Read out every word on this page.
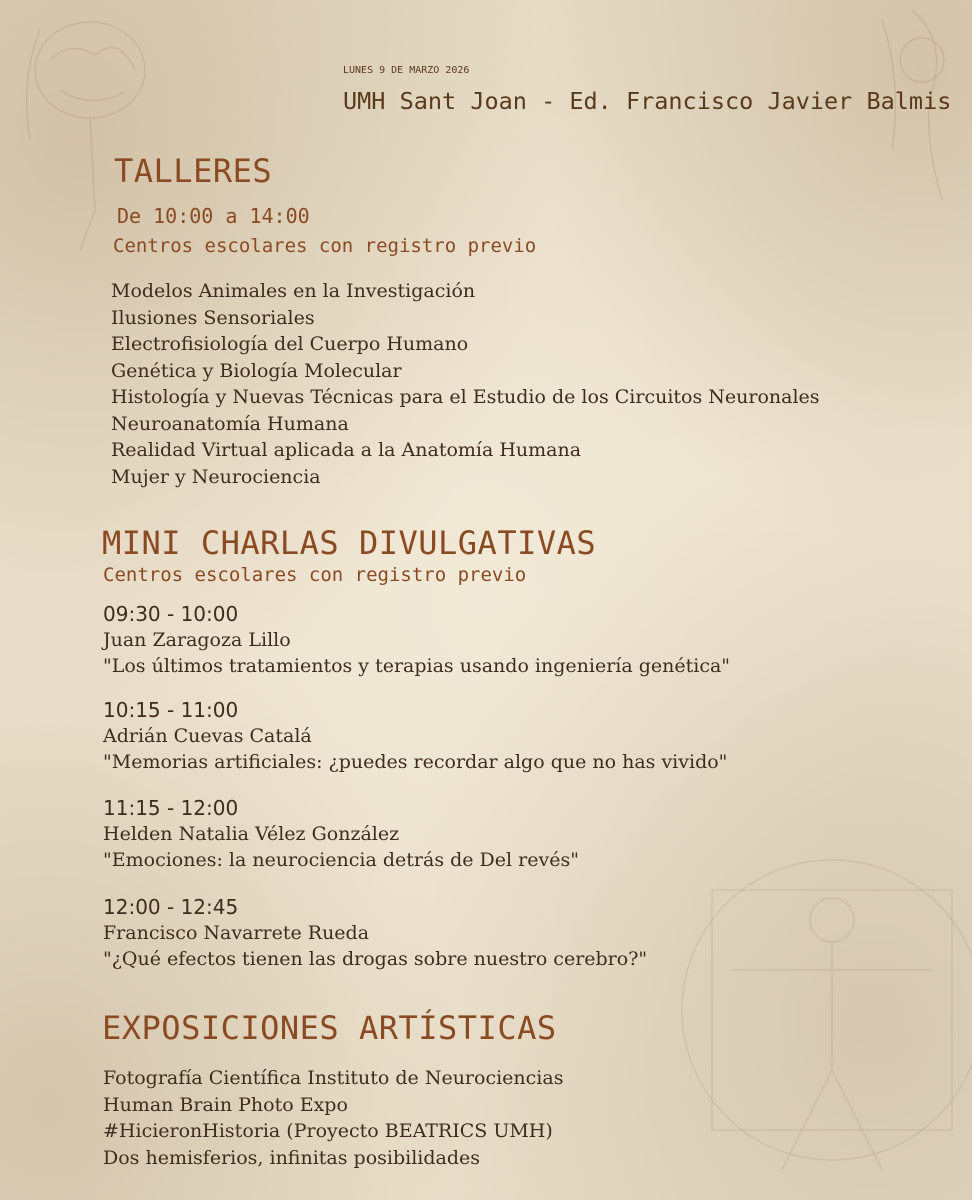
LUNES 9 DE MARZO 2026
UMH Sant Joan - Ed. Francisco Javier Balmis
TALLERES
De 10:00 a 14:00
Centros escolares con registro previo
Modelos Animales en la Investigación
Ilusiones Sensoriales
Electrofisiología del Cuerpo Humano
Genética y Biología Molecular
Histología y Nuevas Técnicas para el Estudio de los Circuitos Neuronales
Neuroanatomía Humana
Realidad Virtual aplicada a la Anatomía Humana
Mujer y Neurociencia
MINI CHARLAS DIVULGATIVAS
Centros escolares con registro previo
09:30 - 10:00
Juan Zaragoza Lillo
"Los últimos tratamientos y terapias usando ingeniería genética"
10:15 - 11:00
Adrián Cuevas Catalá
"Memorias artificiales: ¿puedes recordar algo que no has vivido"
11:15 - 12:00
Helden Natalia Vélez González
"Emociones: la neurociencia detrás de Del revés"
12:00 - 12:45
Francisco Navarrete Rueda
"¿Qué efectos tienen las drogas sobre nuestro cerebro?"
EXPOSICIONES ARTÍSTICAS
Fotografía Científica Instituto de Neurociencias
Human Brain Photo Expo
#HicieronHistoria (Proyecto BEATRICS UMH)
Dos hemisferios, infinitas posibilidades
